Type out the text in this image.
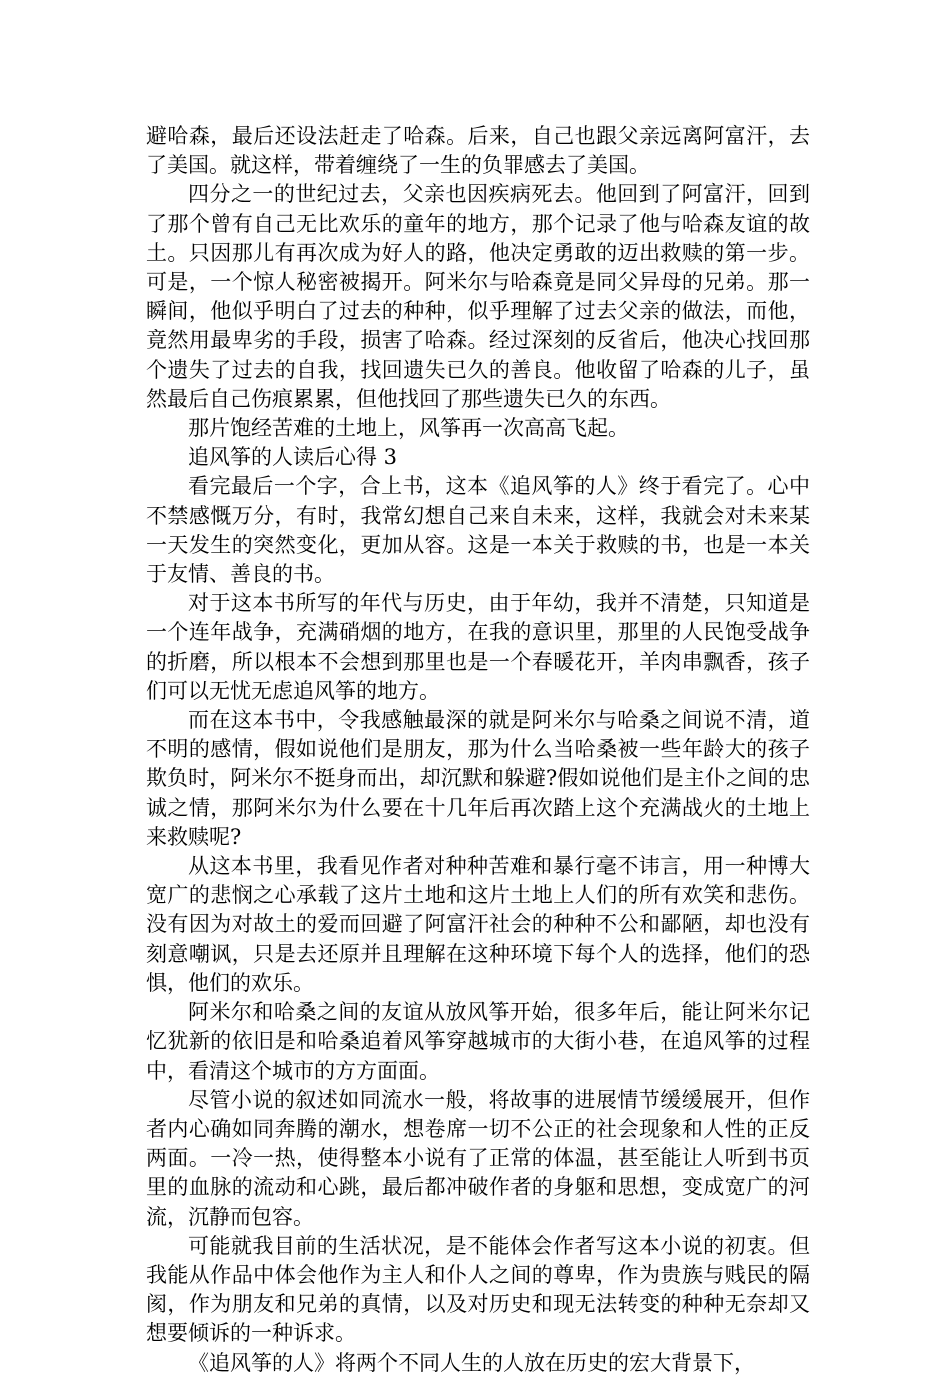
避哈森，最后还设法赶走了哈森。后来，自己也跟父亲远离阿富汗，去了美国。就这样，带着缠绕了一生的负罪感去了美国。

四分之一的世纪过去，父亲也因疾病死去。他回到了阿富汗，回到了那个曾有自己无比欢乐的童年的地方，那个记录了他与哈森友谊的故土。只因那儿有再次成为好人的路，他决定勇敢的迈出救赎的第一步。可是，一个惊人秘密被揭开。阿米尔与哈森竟是同父异母的兄弟。那一瞬间，他似乎明白了过去的种种，似乎理解了过去父亲的做法，而他，竟然用最卑劣的手段，损害了哈森。经过深刻的反省后，他决心找回那个遗失了过去的自我，找回遗失已久的善良。他收留了哈森的儿子，虽然最后自己伤痕累累，但他找回了那些遗失已久的东西。

那片饱经苦难的土地上，风筝再一次高高飞起。

追风筝的人读后心得 3

看完最后一个字，合上书，这本《追风筝的人》终于看完了。心中不禁感慨万分，有时，我常幻想自己来自未来，这样，我就会对未来某一天发生的突然变化，更加从容。这是一本关于救赎的书，也是一本关于友情、善良的书。

对于这本书所写的年代与历史，由于年幼，我并不清楚，只知道是一个连年战争，充满硝烟的地方，在我的意识里，那里的人民饱受战争的折磨，所以根本不会想到那里也是一个春暖花开，羊肉串飘香，孩子们可以无忧无虑追风筝的地方。

而在这本书中，令我感触最深的就是阿米尔与哈桑之间说不清，道不明的感情，假如说他们是朋友，那为什么当哈桑被一些年龄大的孩子欺负时，阿米尔不挺身而出，却沉默和躲避?假如说他们是主仆之间的忠诚之情，那阿米尔为什么要在十几年后再次踏上这个充满战火的土地上来救赎呢?

从这本书里，我看见作者对种种苦难和暴行毫不讳言，用一种博大宽广的悲悯之心承载了这片土地和这片土地上人们的所有欢笑和悲伤。没有因为对故土的爱而回避了阿富汗社会的种种不公和鄙陋，却也没有刻意嘲讽，只是去还原并且理解在这种环境下每个人的选择，他们的恐惧，他们的欢乐。

阿米尔和哈桑之间的友谊从放风筝开始，很多年后，能让阿米尔记忆犹新的依旧是和哈桑追着风筝穿越城市的大街小巷，在追风筝的过程中，看清这个城市的方方面面。

尽管小说的叙述如同流水一般，将故事的进展情节缓缓展开，但作者内心确如同奔腾的潮水，想卷席一切不公正的社会现象和人性的正反两面。一冷一热，使得整本小说有了正常的体温，甚至能让人听到书页里的血脉的流动和心跳，最后都冲破作者的身躯和思想，变成宽广的河流，沉静而包容。

可能就我目前的生活状况，是不能体会作者写这本小说的初衷。但我能从作品中体会他作为主人和仆人之间的尊卑，作为贵族与贱民的隔阂，作为朋友和兄弟的真情，以及对历史和现无法转变的种种无奈却又想要倾诉的一种诉求。

《追风筝的人》将两个不同人生的人放在历史的宏大背景下，
